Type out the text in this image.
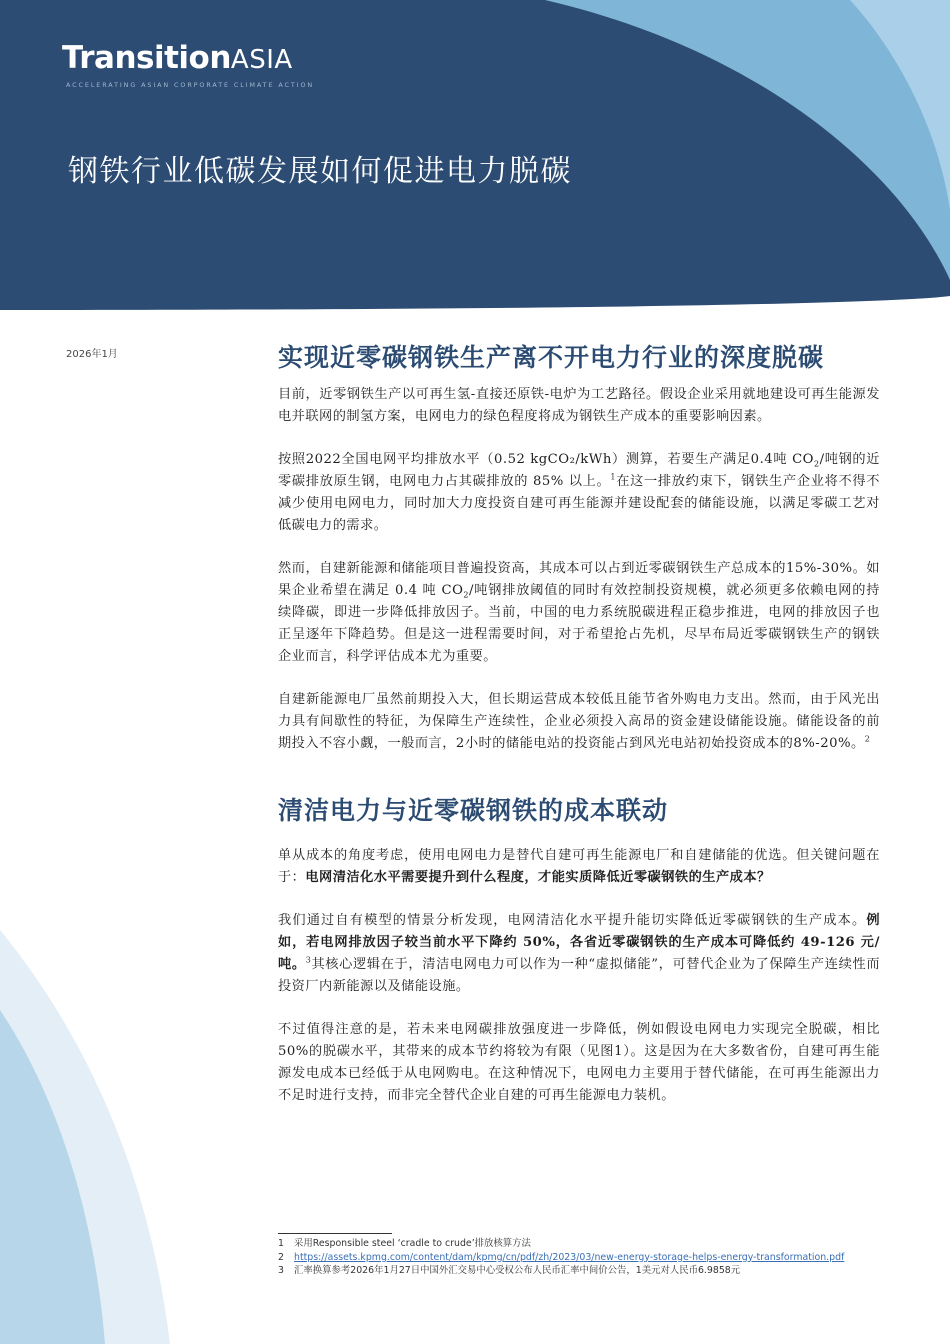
TransitionASIA
ACCELERATING ASIAN CORPORATE CLIMATE ACTION
钢铁行业低碳发展如何促进电力脱碳
2026年1月	实现近零碳钢铁生产离不开电力行业的深度脱碳

目前，近零钢铁生产以可再生氢-直接还原铁-电炉为工艺路径。假设企业采用就地建设可再生能源发电并联网的制氢方案，电网电力的绿色程度将成为钢铁生产成本的重要影响因素。

按照2022全国电网平均排放水平（0.52 kgCO₂/kWh）测算，若要生产满足0.4吨 $CO_2/$吨钢的近零碳排放原生钢，电网电力占其碳排放的 85% 以上。$^1$在这一排放约束下，钢铁生产企业将不得不减少使用电网电力，同时加大力度投资自建可再生能源并建设配套的储能设施，以满足零碳工艺对低碳电力的需求。

然而，自建新能源和储能项目普遍投资高，其成本可以占到近零碳钢铁生产总成本的15%-30%。如果企业希望在满足 0.4 吨 $CO_2/$吨钢排放阈值的同时有效控制投资规模，就必须更多依赖电网的持续降碳，即进一步降低排放因子。当前，中国的电力系统脱碳进程正稳步推进，电网的排放因子也正呈逐年下降趋势。但是这一进程需要时间，对于希望抢占先机，尽早布局近零碳钢铁生产的钢铁企业而言，科学评估成本尤为重要。

自建新能源电厂虽然前期投入大，但长期运营成本较低且能节省外购电力支出。然而，由于风光出力具有间歇性的特征，为保障生产连续性，企业必须投入高昂的资金建设储能设施。储能设备的前期投入不容小觑，一般而言，2小时的储能电站的投资能占到风光电站初始投资成本的8%-20%。$^2$

清洁电力与近零碳钢铁的成本联动

单从成本的角度考虑，使用电网电力是替代自建可再生能源电厂和自建储能的优选。但关键问题在于：电网清洁化水平需要提升到什么程度，才能实质降低近零碳钢铁的生产成本？

我们通过自有模型的情景分析发现，电网清洁化水平提升能切实降低近零碳钢铁的生产成本。例如，若电网排放因子较当前水平下降约 50%，各省近零碳钢铁的生产成本可降低约 49-126 元/吨。$^3$其核心逻辑在于，清洁电网电力可以作为一种“虚拟储能”，可替代企业为了保障生产连续性而投资厂内新能源以及储能设施。

不过值得注意的是，若未来电网碳排放强度进一步降低，例如假设电网电力实现完全脱碳，相比50%的脱碳水平，其带来的成本节约将较为有限（见图1）。这是因为在大多数省份，自建可再生能源发电成本已经低于从电网购电。在这种情况下，电网电力主要用于替代储能，在可再生能源出力不足时进行支持，而非完全替代企业自建的可再生能源电力装机。

1	采用Responsible steel ‘cradle to crude’排放核算方法
2	https://assets.kpmg.com/content/dam/kpmg/cn/pdf/zh/2023/03/new-energy-storage-helps-energy-transformation.pdf
3	汇率换算参考2026年1月27日中国外汇交易中心受权公布人民币汇率中间价公告，1美元对人民币6.9858元
